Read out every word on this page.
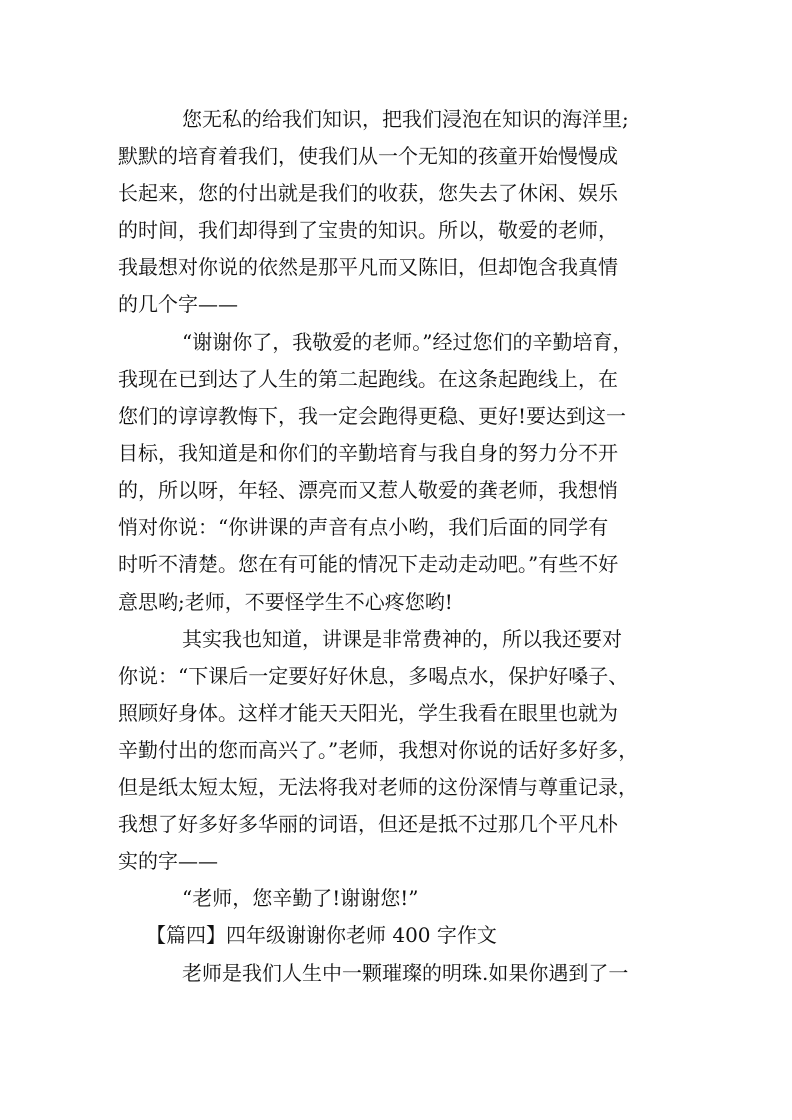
您无私的给我们知识，把我们浸泡在知识的海洋里;
默默的培育着我们，使我们从一个无知的孩童开始慢慢成
长起来，您的付出就是我们的收获，您失去了休闲、娱乐
的时间，我们却得到了宝贵的知识。所以，敬爱的老师，
我最想对你说的依然是那平凡而又陈旧，但却饱含我真情
的几个字——
“谢谢你了，我敬爱的老师。”经过您们的辛勤培育，
我现在已到达了人生的第二起跑线。在这条起跑线上，在
您们的谆谆教悔下，我一定会跑得更稳、更好!要达到这一
目标，我知道是和你们的辛勤培育与我自身的努力分不开
的，所以呀，年轻、漂亮而又惹人敬爱的龚老师，我想悄
悄对你说：“你讲课的声音有点小哟，我们后面的同学有
时听不清楚。您在有可能的情况下走动走动吧。”有些不好
意思哟;老师，不要怪学生不心疼您哟!
其实我也知道，讲课是非常费神的，所以我还要对
你说：“下课后一定要好好休息，多喝点水，保护好嗓子、
照顾好身体。这样才能天天阳光，学生我看在眼里也就为
辛勤付出的您而高兴了。”老师，我想对你说的话好多好多，
但是纸太短太短，无法将我对老师的这份深情与尊重记录，
我想了好多好多华丽的词语，但还是抵不过那几个平凡朴
实的字——
“老师，您辛勤了!谢谢您!”
【篇四】四年级谢谢你老师 400 字作文
老师是我们人生中一颗璀璨的明珠.如果你遇到了一
